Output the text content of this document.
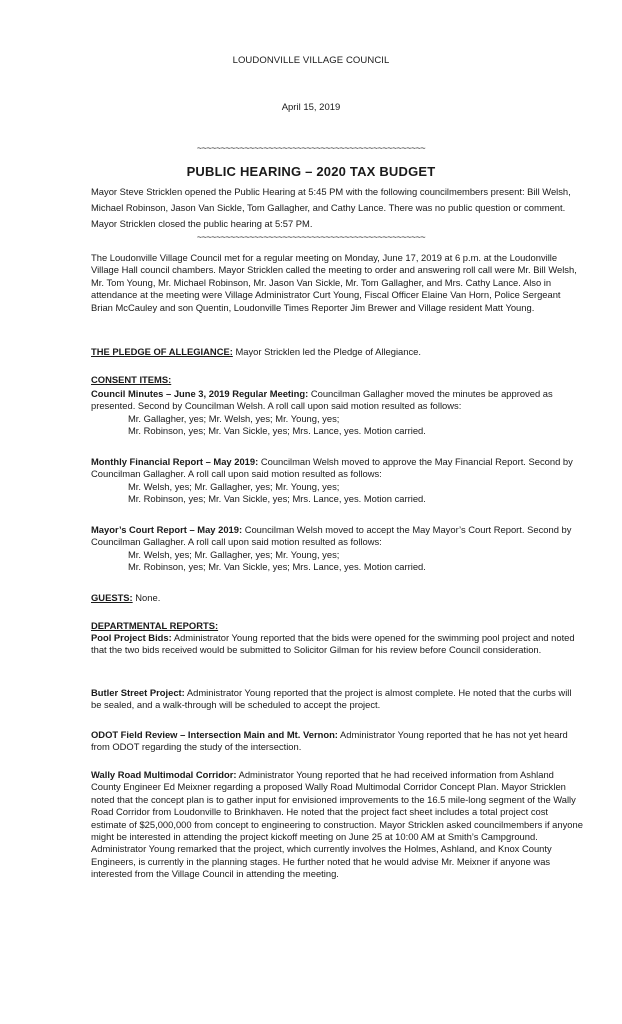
LOUDONVILLE VILLAGE COUNCIL
April 15, 2019
~~~~~~~~~~~~~~~~~~~~~~~~~~~~~~~~~~~~~~~~~~~~~~~~
PUBLIC HEARING – 2020 TAX BUDGET
Mayor Steve Stricklen opened the Public Hearing at 5:45 PM with the following councilmembers present: Bill Welsh, Michael Robinson, Jason Van Sickle, Tom Gallagher, and Cathy Lance. There was no public question or comment. Mayor Stricklen closed the public hearing at 5:57 PM.
~~~~~~~~~~~~~~~~~~~~~~~~~~~~~~~~~~~~~~~~~~~~~~~~
The Loudonville Village Council met for a regular meeting on Monday, June 17, 2019 at 6 p.m. at the Loudonville Village Hall council chambers. Mayor Stricklen called the meeting to order and answering roll call were Mr. Bill Welsh, Mr. Tom Young, Mr. Michael Robinson, Mr. Jason Van Sickle, Mr. Tom Gallagher, and Mrs. Cathy Lance. Also in attendance at the meeting were Village Administrator Curt Young, Fiscal Officer Elaine Van Horn, Police Sergeant Brian McCauley and son Quentin, Loudonville Times Reporter Jim Brewer and Village resident Matt Young.
THE PLEDGE OF ALLEGIANCE: Mayor Stricklen led the Pledge of Allegiance.
CONSENT ITEMS:
Council Minutes – June 3, 2019 Regular Meeting: Councilman Gallagher moved the minutes be approved as presented. Second by Councilman Welsh. A roll call upon said motion resulted as follows:
Mr. Gallagher, yes; Mr. Welsh, yes; Mr. Young, yes;
Mr. Robinson, yes; Mr. Van Sickle, yes; Mrs. Lance, yes. Motion carried.
Monthly Financial Report – May 2019: Councilman Welsh moved to approve the May Financial Report. Second by Councilman Gallagher. A roll call upon said motion resulted as follows:
Mr. Welsh, yes; Mr. Gallagher, yes; Mr. Young, yes;
Mr. Robinson, yes; Mr. Van Sickle, yes; Mrs. Lance, yes. Motion carried.
Mayor’s Court Report – May 2019: Councilman Welsh moved to accept the May Mayor’s Court Report. Second by Councilman Gallagher. A roll call upon said motion resulted as follows:
Mr. Welsh, yes; Mr. Gallagher, yes; Mr. Young, yes;
Mr. Robinson, yes; Mr. Van Sickle, yes; Mrs. Lance, yes. Motion carried.
GUESTS: None.
DEPARTMENTAL REPORTS:
Pool Project Bids: Administrator Young reported that the bids were opened for the swimming pool project and noted that the two bids received would be submitted to Solicitor Gilman for his review before Council consideration.
Butler Street Project: Administrator Young reported that the project is almost complete. He noted that the curbs will be sealed, and a walk-through will be scheduled to accept the project.
ODOT Field Review – Intersection Main and Mt. Vernon: Administrator Young reported that he has not yet heard from ODOT regarding the study of the intersection.
Wally Road Multimodal Corridor: Administrator Young reported that he had received information from Ashland County Engineer Ed Meixner regarding a proposed Wally Road Multimodal Corridor Concept Plan. Mayor Stricklen noted that the concept plan is to gather input for envisioned improvements to the 16.5 mile-long segment of the Wally Road Corridor from Loudonville to Brinkhaven. He noted that the project fact sheet includes a total project cost estimate of $25,000,000 from concept to engineering to construction. Mayor Stricklen asked councilmembers if anyone might be interested in attending the project kickoff meeting on June 25 at 10:00 AM at Smith’s Campground. Administrator Young remarked that the project, which currently involves the Holmes, Ashland, and Knox County Engineers, is currently in the planning stages. He further noted that he would advise Mr. Meixner if anyone was interested from the Village Council in attending the meeting.
